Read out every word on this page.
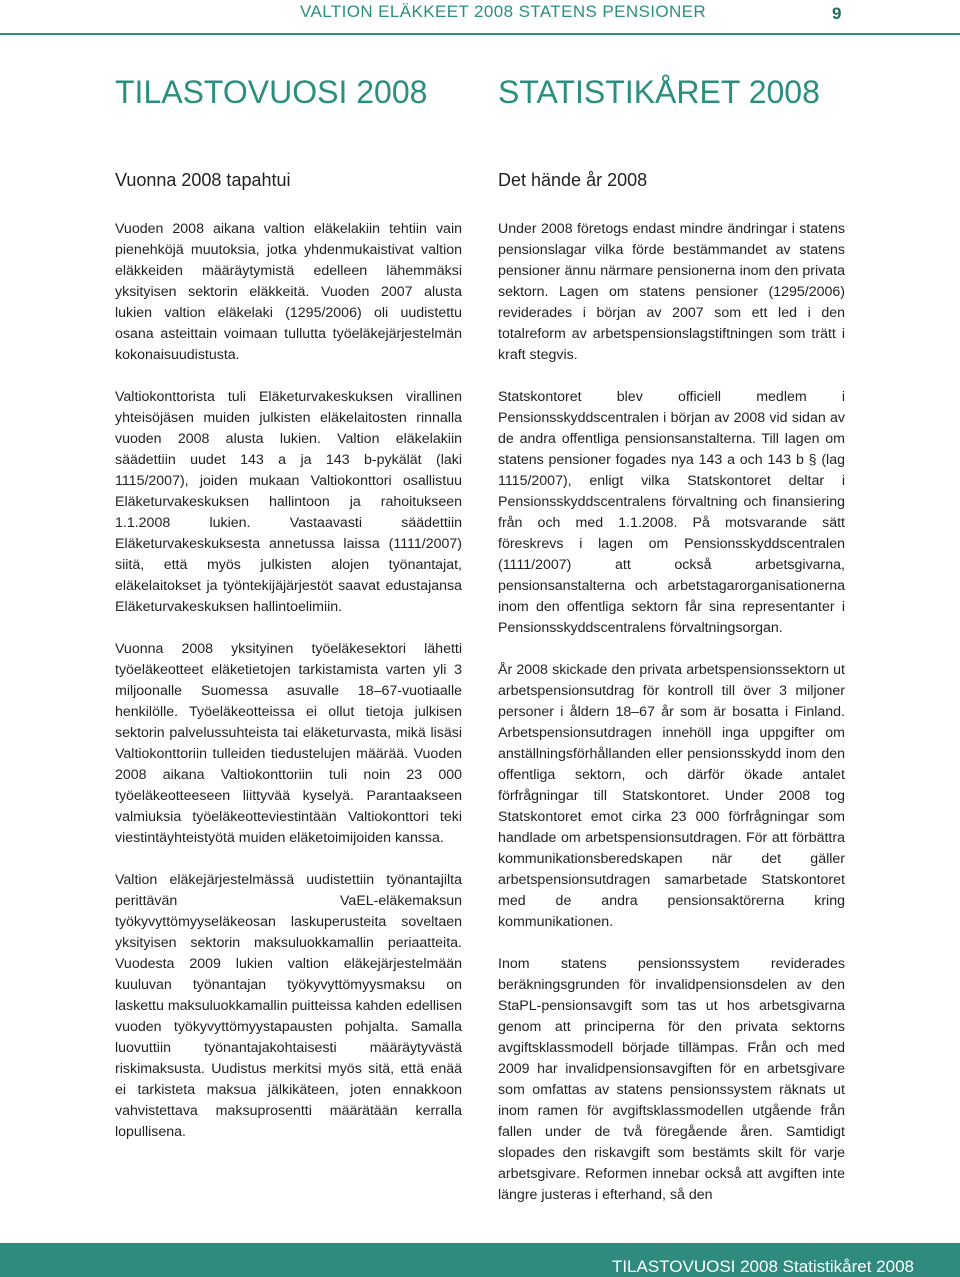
VALTION ELÄKKEET 2008 STATENS PENSIONER	9
TILASTOVUOSI 2008 STATISTIKÅRET 2008
Vuonna 2008 tapahtui

Vuoden 2008 aikana valtion eläkelakiin tehtiin vain pienehköjä muutoksia, jotka yhdenmukaistivat valtion eläkkeiden määräytymistä edelleen lähemmäksi yksityisen sektorin eläkkeitä. Vuoden 2007 alusta lukien valtion eläkelaki (1295/2006) oli uudistettu osana asteittain voimaan tullutta työeläkejärjestelmän kokonaisuudistusta.

Valtiokonttorista tuli Eläketurvakeskuksen virallinen yhteisöjäsen muiden julkisten eläkelaitosten rinnalla vuoden 2008 alusta lukien. Valtion eläkelakiin säädettiin uudet 143 a ja 143 b-pykälät (laki 1115/2007), joiden mukaan Valtiokonttori osallistuu Eläketurvakeskuksen hallintoon ja rahoitukseen 1.1.2008 lukien. Vastaavasti säädettiin Eläketurvakeskuksesta annetussa laissa (1111/2007) siitä, että myös julkisten alojen työnantajat, eläkelaitokset ja työntekijäjärjestöt saavat edustajansa Eläketurvakeskuksen hallintoelimiin.

Vuonna 2008 yksityinen työeläkesektori lähetti työeläkeotteet eläketietojen tarkistamista varten yli 3 miljoonalle Suomessa asuvalle 18–67-vuotiaalle henkilölle. Työeläkeotteissa ei ollut tietoja julkisen sektorin palvelussuhteista tai eläketurvasta, mikä lisäsi Valtiokonttoriin tulleiden tiedustelujen määrää. Vuoden 2008 aikana Valtiokonttoriin tuli noin 23 000 työeläkeotteeseen liittyvää kyselyä. Parantaakseen valmiuksia työeläkeotteviestintään Valtiokonttori teki viestintäyhteistyötä muiden eläketoimijoiden kanssa.

Valtion eläkejärjestelmässä uudistettiin työnantajilta perittävän VaEL-eläkemaksun työkyvyttömyyseläkeosan laskuperusteita soveltaen yksityisen sektorin maksuluokkamallin periaatteita. Vuodesta 2009 lukien valtion eläkejärjestelmään kuuluvan työnantajan työkyvyttömyysmaksu on laskettu maksuluokkamallin puitteissa kahden edellisen vuoden työkyvyttömyystapausten pohjalta. Samalla luovuttiin työnantajakohtaisesti määräytyvästä riskimaksusta. Uudistus merkitsi myös sitä, että enää ei tarkisteta maksua jälkikäteen, joten ennakkoon vahvistettava maksuprosentti määrätään kerralla lopullisena.

Det hände år 2008

Under 2008 företogs endast mindre ändringar i statens pensionslagar vilka förde bestämmandet av statens pensioner ännu närmare pensionerna inom den privata sektorn. Lagen om statens pensioner (1295/2006) reviderades i början av 2007 som ett led i den totalreform av arbetspensionslagstiftningen som trätt i kraft stegvis.

Statskontoret blev officiell medlem i Pensionsskyddscentralen i början av 2008 vid sidan av de andra offentliga pensionsanstalterna. Till lagen om statens pensioner fogades nya 143 a och 143 b § (lag 1115/2007), enligt vilka Statskontoret deltar i Pensionsskyddscentralens förvaltning och finansiering från och med 1.1.2008. På motsvarande sätt föreskrevs i lagen om Pensionsskyddscentralen (1111/2007) att också arbetsgivarna, pensionsanstalterna och arbetstagarorganisationerna inom den offentliga sektorn får sina representanter i Pensionsskyddscentralens förvaltningsorgan.

År 2008 skickade den privata arbetspensionssektorn ut arbetspensionsutdrag för kontroll till över 3 miljoner personer i åldern 18–67 år som är bosatta i Finland. Arbetspensionsutdragen innehöll inga uppgifter om anställningsförhållanden eller pensionsskydd inom den offentliga sektorn, och därför ökade antalet förfrågningar till Statskontoret. Under 2008 tog Statskontoret emot cirka 23 000 förfrågningar som handlade om arbetspensionsutdragen. För att förbättra kommunikationsberedskapen när det gäller arbetspensionsutdragen samarbetade Statskontoret med de andra pensionsaktörerna kring kommunikationen.

Inom statens pensionssystem reviderades beräkningsgrunden för invalidpensionsdelen av den StaPL-pensionsavgift som tas ut hos arbetsgivarna genom att principerna för den privata sektorns avgiftsklassmodell började tillämpas. Från och med 2009 har invalidpensionsavgiften för en arbetsgivare som omfattas av statens pensionssystem räknats ut inom ramen för avgiftsklassmodellen utgående från fallen under de två föregående åren. Samtidigt slopades den riskavgift som bestämts skilt för varje arbetsgivare. Reformen innebar också att avgiften inte längre justeras i efterhand, så den

TILASTOVUOSI 2008 Statistikåret 2008
